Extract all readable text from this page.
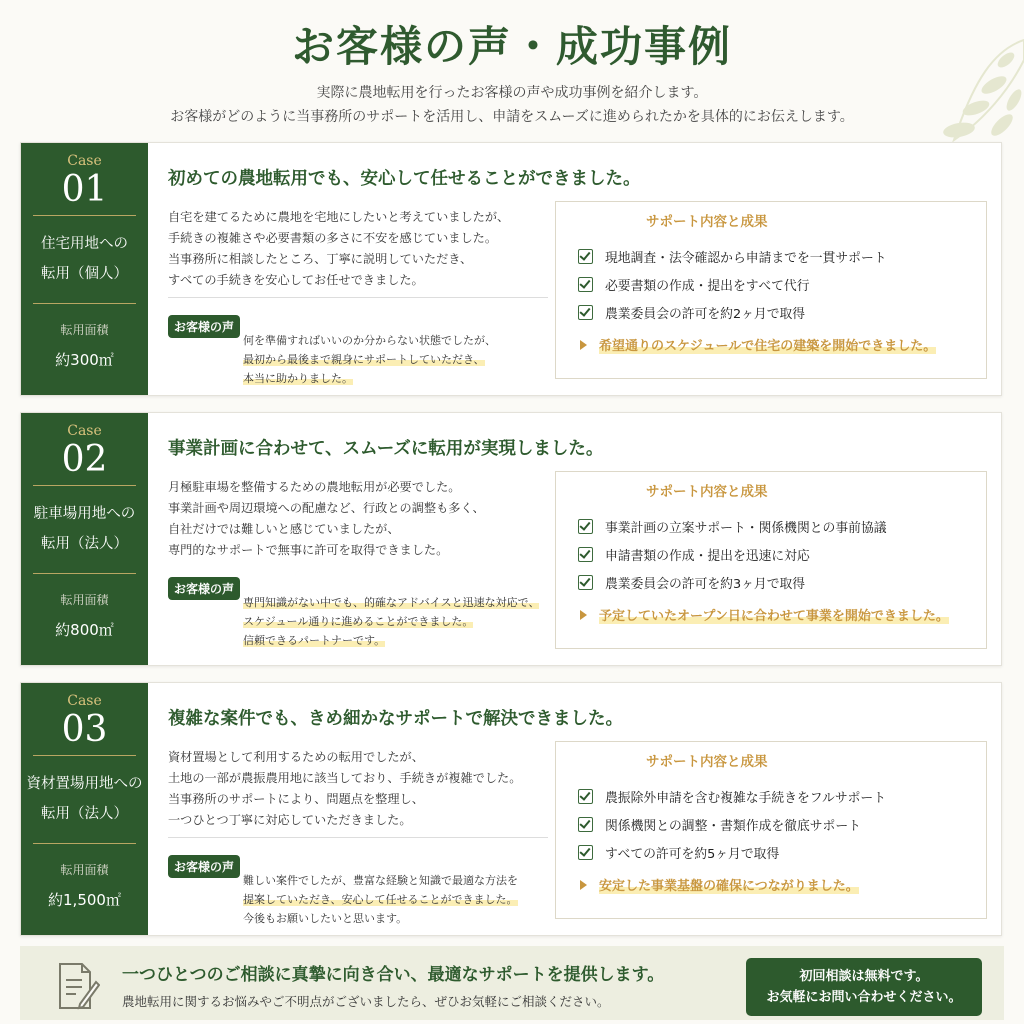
お客様の声・成功事例
実際に農地転用を行ったお客様の声や成功事例を紹介します。
お客様がどのように当事務所のサポートを活用し、申請をスムーズに進められたかを具体的にお伝えします。
Case
01
住宅用地への
転用（個人）
転用面積
約300㎡
初めての農地転用でも、安心して任せることができました。
自宅を建てるために農地を宅地にしたいと考えていましたが、
手続きの複雑さや必要書類の多さに不安を感じていました。
当事務所に相談したところ、丁寧に説明していただき、
すべての手続きを安心してお任せできました。
お客様の声
何を準備すればいいのか分からない状態でしたが、
最初から最後まで親身にサポートしていただき、
本当に助かりました。
サポート内容と成果
現地調査・法令確認から申請までを一貫サポート
必要書類の作成・提出をすべて代行
農業委員会の許可を約2ヶ月で取得
希望通りのスケジュールで住宅の建築を開始できました。
Case
02
駐車場用地への
転用（法人）
転用面積
約800㎡
事業計画に合わせて、スムーズに転用が実現しました。
月極駐車場を整備するための農地転用が必要でした。
事業計画や周辺環境への配慮など、行政との調整も多く、
自社だけでは難しいと感じていましたが、
専門的なサポートで無事に許可を取得できました。
お客様の声
専門知識がない中でも、的確なアドバイスと迅速な対応で、
スケジュール通りに進めることができました。
信頼できるパートナーです。
サポート内容と成果
事業計画の立案サポート・関係機関との事前協議
申請書類の作成・提出を迅速に対応
農業委員会の許可を約3ヶ月で取得
予定していたオープン日に合わせて事業を開始できました。
Case
03
資材置場用地への
転用（法人）
転用面積
約1,500㎡
複雑な案件でも、きめ細かなサポートで解決できました。
資材置場として利用するための転用でしたが、
土地の一部が農振農用地に該当しており、手続きが複雑でした。
当事務所のサポートにより、問題点を整理し、
一つひとつ丁寧に対応していただきました。
お客様の声
難しい案件でしたが、豊富な経験と知識で最適な方法を
提案していただき、安心して任せることができました。
今後もお願いしたいと思います。
サポート内容と成果
農振除外申請を含む複雑な手続きをフルサポート
関係機関との調整・書類作成を徹底サポート
すべての許可を約5ヶ月で取得
安定した事業基盤の確保につながりました。
一つひとつのご相談に真摯に向き合い、最適なサポートを提供します。
農地転用に関するお悩みやご不明点がございましたら、ぜひお気軽にご相談ください。
初回相談は無料です。
お気軽にお問い合わせください。
